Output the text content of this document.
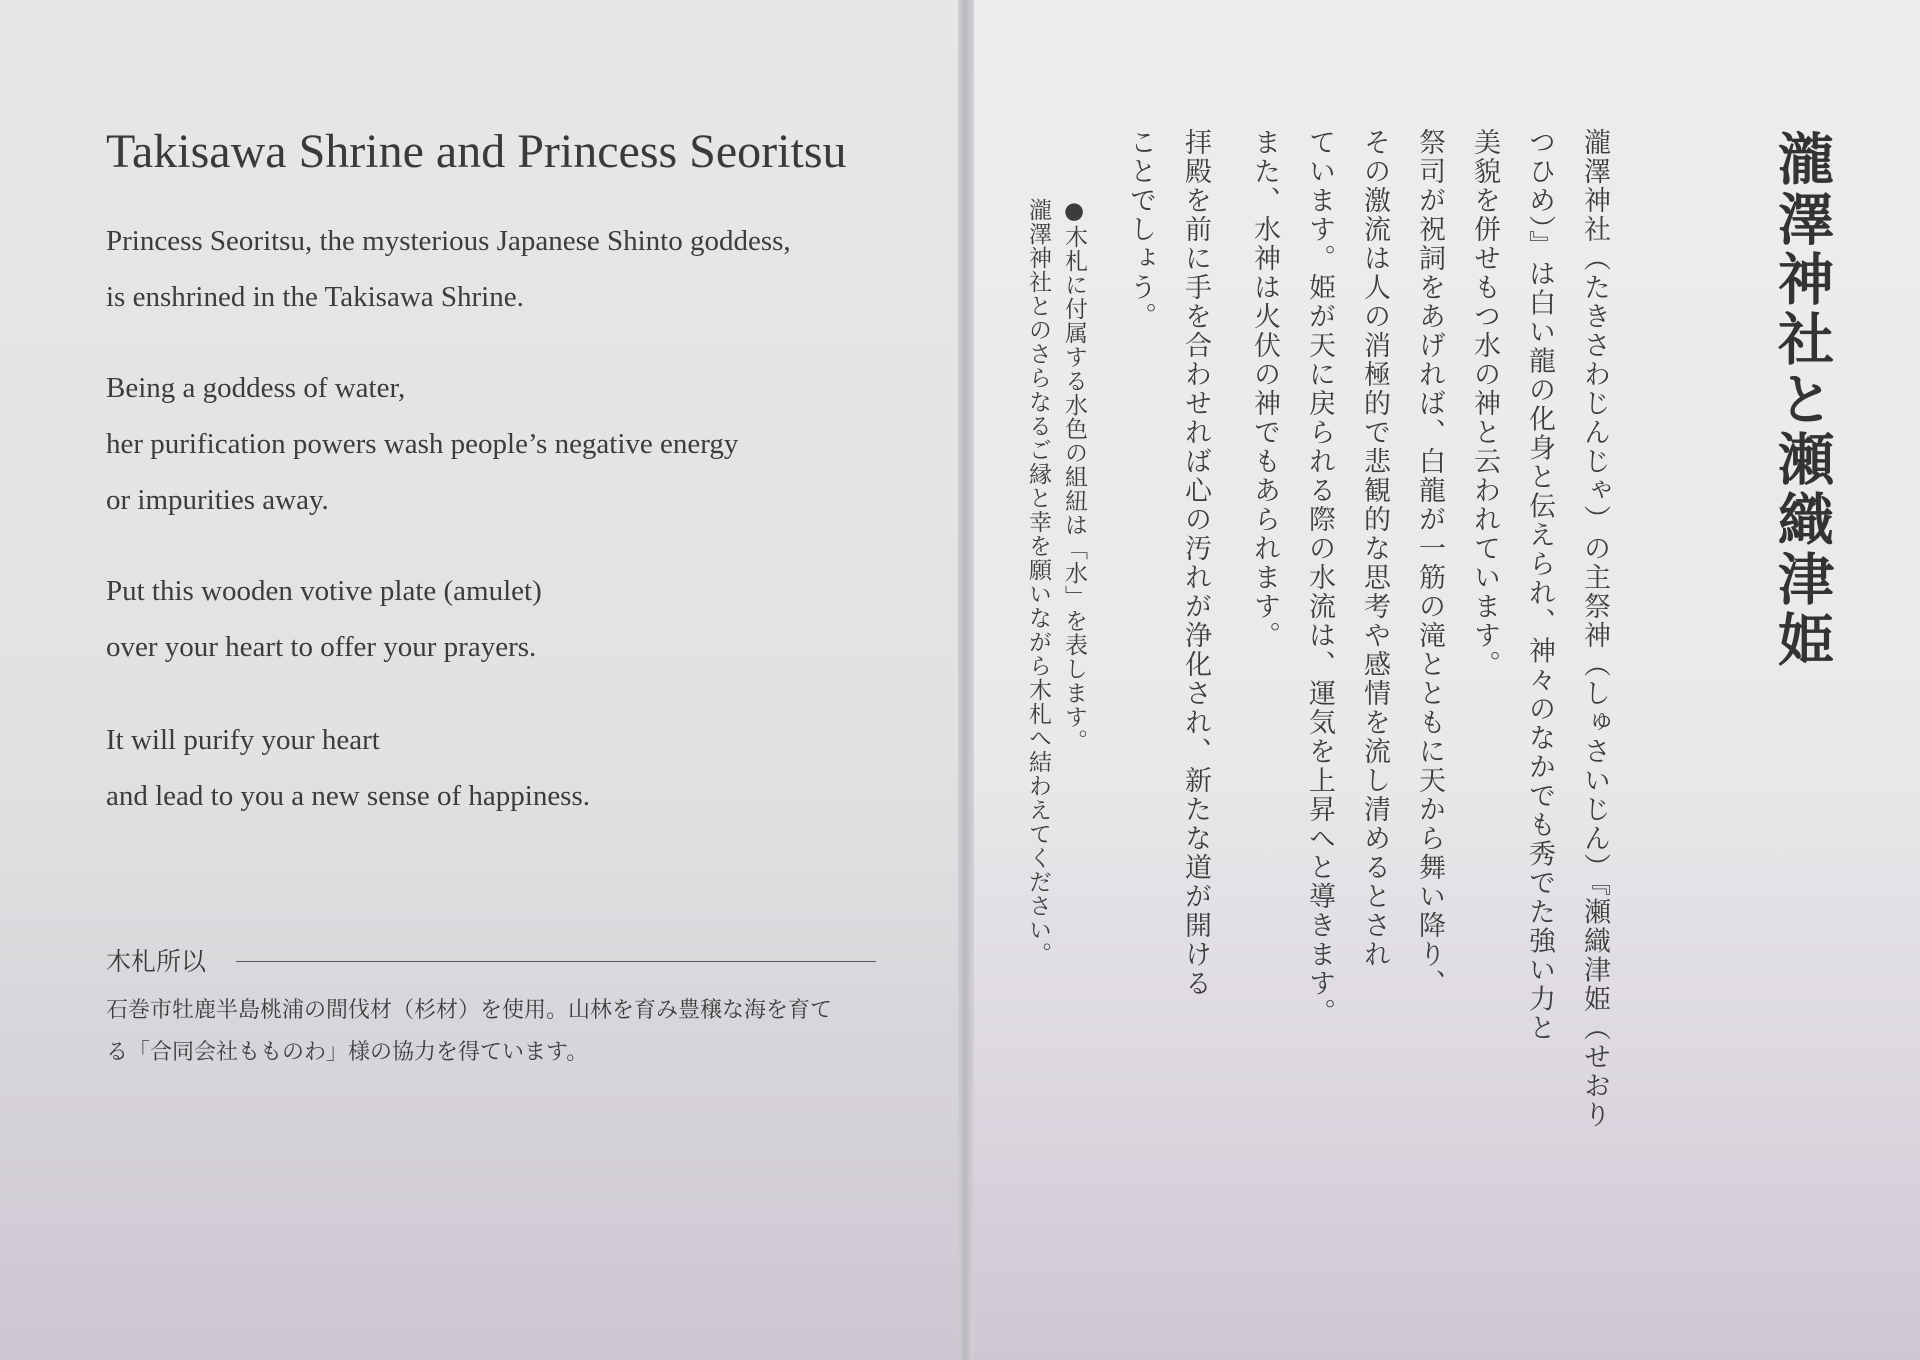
Takisawa Shrine and Princess Seoritsu
Princess Seoritsu, the mysterious Japanese Shinto goddess,
is enshrined in the Takisawa Shrine.
Being a goddess of water,
her purification powers wash people’s negative energy
or impurities away.
Put this wooden votive plate (amulet)
over your heart to offer your prayers.
It will purify your heart
and lead to you a new sense of happiness.
木札所以
石巻市牡鹿半島桃浦の間伐材（杉材）を使用。山林を育み豊穣な海を育て
る「合同会社もものわ」様の協力を得ています。
瀧澤神社と瀬織津姫
瀧澤神社（たきさわじんじゃ）の主祭神（しゅさいじん）『瀬織津姫（せおり
つひめ）』は白い龍の化身と伝えられ、神々のなかでも秀でた強い力と
美貌を併せもつ水の神と云われています。
祭司が祝詞をあげれば、白龍が一筋の滝とともに天から舞い降り、
その激流は人の消極的で悲観的な思考や感情を流し清めるとされ
ています。姫が天に戻られる際の水流は、運気を上昇へと導きます。
また、水神は火伏の神でもあられます。
拝殿を前に手を合わせれば心の汚れが浄化され、新たな道が開ける
ことでしょう。
●木札に付属する水色の組紐は「水」を表します。
瀧澤神社とのさらなるご縁と幸を願いながら木札へ結わえてください。
